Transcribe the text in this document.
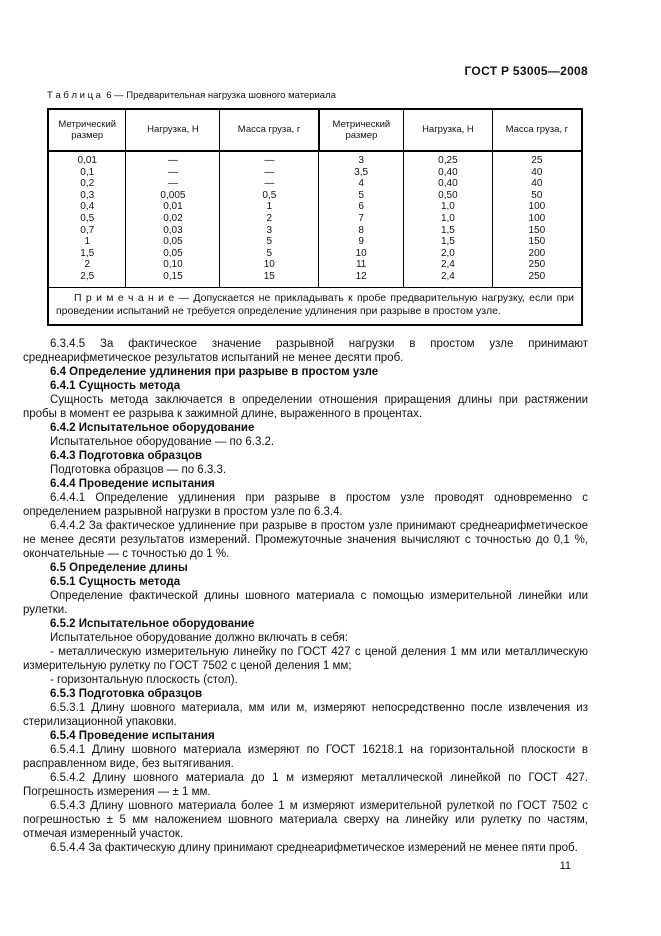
ГОСТ Р 53005—2008
Т а б л и ц а  6 — Предварительная нагрузка шовного материала
Метрический размер	Нагрузка, Н	Масса груза, г	Метрический размер	Нагрузка, Н	Масса груза, г
0,01	—	—	3	0,25	25
0,1	—	—	3,5	0,40	40
0,2	—	—	4	0,40	40
0,3	0,005	0,5	5	0,50	50
0,4	0,01	1	6	1,0	100
0,5	0,02	2	7	1,0	100
0,7	0,03	3	8	1,5	150
1	0,05	5	9	1,5	150
1,5	0,05	5	10	2,0	200
2	0,10	10	11	2,4	250
2,5	0,15	15	12	2,4	250
П р и м е ч а н и е — Допускается не прикладывать к пробе предварительную нагрузку, если при проведении испытаний не требуется определение удлинения при разрыве в простом узле.					

6.3.4.5 За фактическое значение разрывной нагрузки в простом узле принимают среднеарифметическое результатов испытаний не менее десяти проб.

6.4 Определение удлинения при разрыве в простом узле

6.4.1 Сущность метода

Сущность метода заключается в определении отношения приращения длины при растяжении пробы в момент ее разрыва к зажимной длине, выраженного в процентах.

6.4.2 Испытательное оборудование

Испытательное оборудование — по 6.3.2.

6.4.3 Подготовка образцов

Подготовка образцов — по 6.3.3.

6.4.4 Проведение испытания

6.4.4.1 Определение удлинения при разрыве в простом узле проводят одновременно с определением разрывной нагрузки в простом узле по 6.3.4.

6.4.4.2 За фактическое удлинение при разрыве в простом узле принимают среднеарифметическое не менее десяти результатов измерений. Промежуточные значения вычисляют с точностью до 0,1 %, окончательные — с точностью до 1 %.

6.5 Определение длины

6.5.1 Сущность метода

Определение фактической длины шовного материала с помощью измерительной линейки или рулетки.

6.5.2 Испытательное оборудование

Испытательное оборудование должно включать в себя:

- металлическую измерительную линейку по ГОСТ 427 с ценой деления 1 мм или металлическую измерительную рулетку по ГОСТ 7502 с ценой деления 1 мм;

- горизонтальную плоскость (стол).

6.5.3 Подготовка образцов

6.5.3.1 Длину шовного материала, мм или м, измеряют непосредственно после извлечения из стерилизационной упаковки.

6.5.4 Проведение испытания

6.5.4.1 Длину шовного материала измеряют по ГОСТ 16218.1 на горизонтальной плоскости в расправленном виде, без вытягивания.

6.5.4.2 Длину шовного материала до 1 м измеряют металлической линейкой по ГОСТ 427. Погрешность измерения — ± 1 мм.

6.5.4.3 Длину шовного материала более 1 м измеряют измерительной рулеткой по ГОСТ 7502 с погрешностью ± 5 мм наложением шовного материала сверху на линейку или рулетку по частям, отмечая измеренный участок.

6.5.4.4 За фактическую длину принимают среднеарифметическое измерений не менее пяти проб.

11
